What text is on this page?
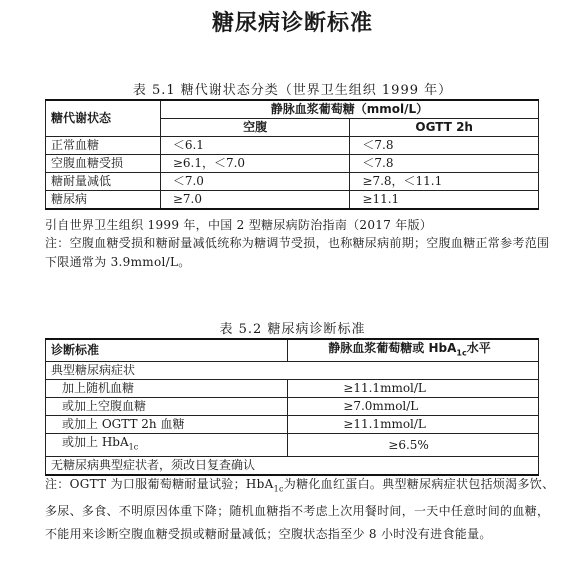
糖尿病诊断标准
表 5.1 糖代谢状态分类（世界卫生组织 1999 年）
糖代谢状态	静脉血浆葡萄糖（mmol/L）	
	空腹	OGTT 2h
正常血糖	＜6.1	＜7.8
空腹血糖受损	≥6.1，＜7.0	＜7.8
糖耐量减低	＜7.0	≥7.8，＜11.1
糖尿病	≥7.0	≥11.1
引自世界卫生组织 1999 年，中国 2 型糖尿病防治指南（2017 年版）
注：空腹血糖受损和糖耐量减低统称为糖调节受损，也称糖尿病前期；空腹血糖正常参考范围下限通常为 3.9mmol/L。
表 5.2 糖尿病诊断标准
诊断标准	静脉血浆葡萄糖或 HbA$_{1c}$水平
典型糖尿病症状	
加上随机血糖	≥11.1mmol/L
或加上空腹血糖	≥7.0mmol/L
或加上 OGTT 2h 血糖	≥11.1mmol/L
或加上 HbA$_{1c}$	≥6.5%
无糖尿病典型症状者，须改日复查确认	
注：OGTT 为口服葡萄糖耐量试验；HbA$_{1c}$为糖化血红蛋白。典型糖尿病症状包括烦渴多饮、多尿、多食、不明原因体重下降；随机血糖指不考虑上次用餐时间，一天中任意时间的血糖，不能用来诊断空腹血糖受损或糖耐量减低；空腹状态指至少 8 小时没有进食能量。
